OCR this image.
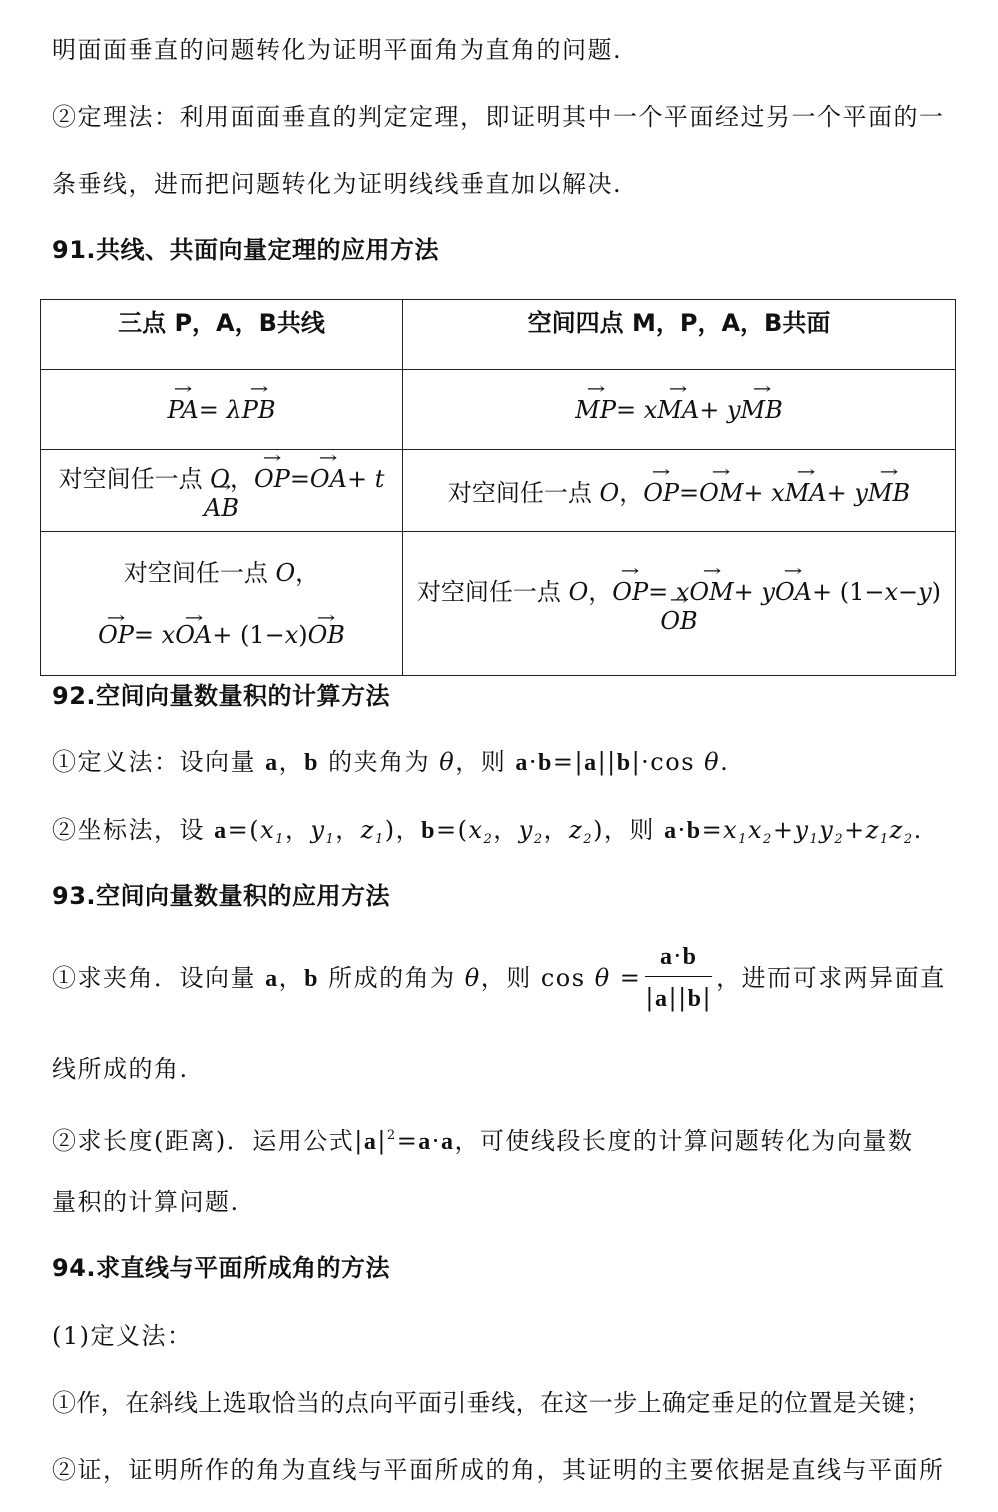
明面面垂直的问题转化为证明平面角为直角的问题.
②定理法：利用面面垂直的判定定理，即证明其中一个平面经过另一个平面的一
条垂线，进而把问题转化为证明线线垂直加以解决.
91.共线、共面向量定理的应用方法
三点 P，A，B共线	空间四点 M，P，A，B共面
→ PA= λ→ PB	→ MP= x→ MA+ y→ MB
对空间任一点 O，→ OP=→ OA+ t→ AB	对空间任一点 O，→ OP=→ OM+ x→ MA+ y→ MB

对空间任一点 O，
→ OP= x→ OA+ (1−x)→ OB	对空间任一点 O，→ OP= x→ OM+ y→ OA+ (1−x−y)→ OB
92.空间向量数量积的计算方法
①定义法：设向量 a，b 的夹角为 θ，则 a·b=|a||b|·cos θ.
②坐标法，设 $a=(x_1$，$y_1$，$z_1$)，$b=(x_2$，$y_2$，$z_2$)，则 $a\cdot b=x_1x_2+y_1y_2+z_1z_2$.
93.空间向量数量积的应用方法
①求夹角．设向量 a，b 所成的角为 θ，则 $\cos \theta = \frac{a\cdot b}{|a||b|}$ ，进而可求两异面直
线所成的角.
②求长度(距离)．运用公式$|a|^2=a\cdot a$，可使线段长度的计算问题转化为向量数
量积的计算问题.
94.求直线与平面所成角的方法
(1)定义法：
①作，在斜线上选取恰当的点向平面引垂线，在这一步上确定垂足的位置是关键；
②证，证明所作的角为直线与平面所成的角，其证明的主要依据是直线与平面所
